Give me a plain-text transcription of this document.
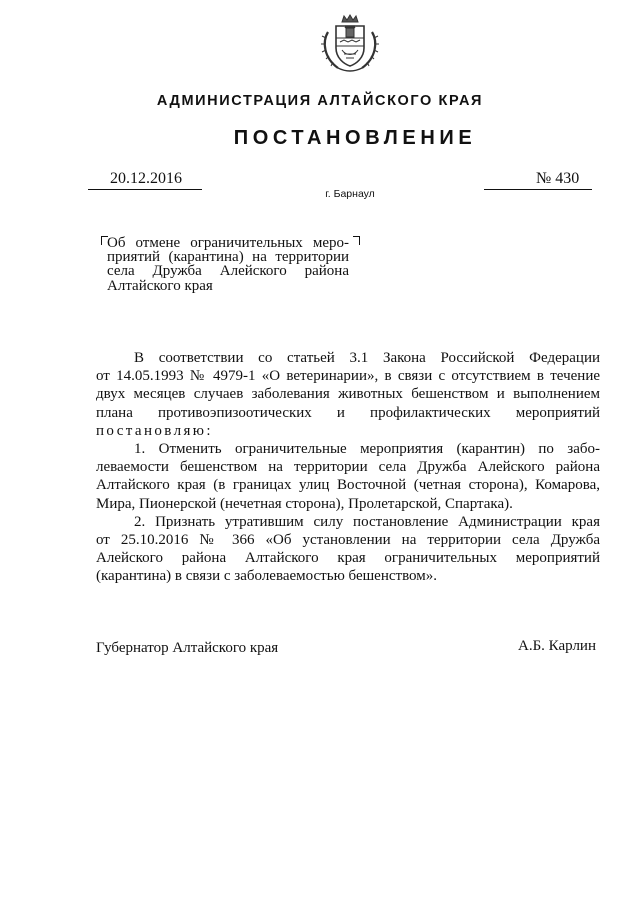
АДМИНИСТРАЦИЯ АЛТАЙСКОГО КРАЯ
ПОСТАНОВЛЕНИЕ
20.12.2016	№ 430
г. Барнаул
Об отмене ограничительных меро-
приятий (карантина) на территории
села Дружба Алейского района
Алтайского края
В соответствии со статьей 3.1 Закона Российской Федерации
от 14.05.1993 № 4979-1 «О ветеринарии», в связи с отсутствием в течение
двух месяцев случаев заболевания животных бешенством и выполнением
плана противоэпизоотических и профилактических мероприятий
постановляю:
1. Отменить ограничительные мероприятия (карантин) по забо-
леваемости бешенством на территории села Дружба Алейского района
Алтайского края (в границах улиц Восточной (четная сторона), Комарова,
Мира, Пионерской (нечетная сторона), Пролетарской, Спартака).
2. Признать утратившим силу постановление Администрации края
от 25.10.2016 № 366 «Об установлении на территории села Дружба
Алейского района Алтайского края ограничительных мероприятий
(карантина) в связи с заболеваемостью бешенством».
Губернатор Алтайского края	А.Б. Карлин
